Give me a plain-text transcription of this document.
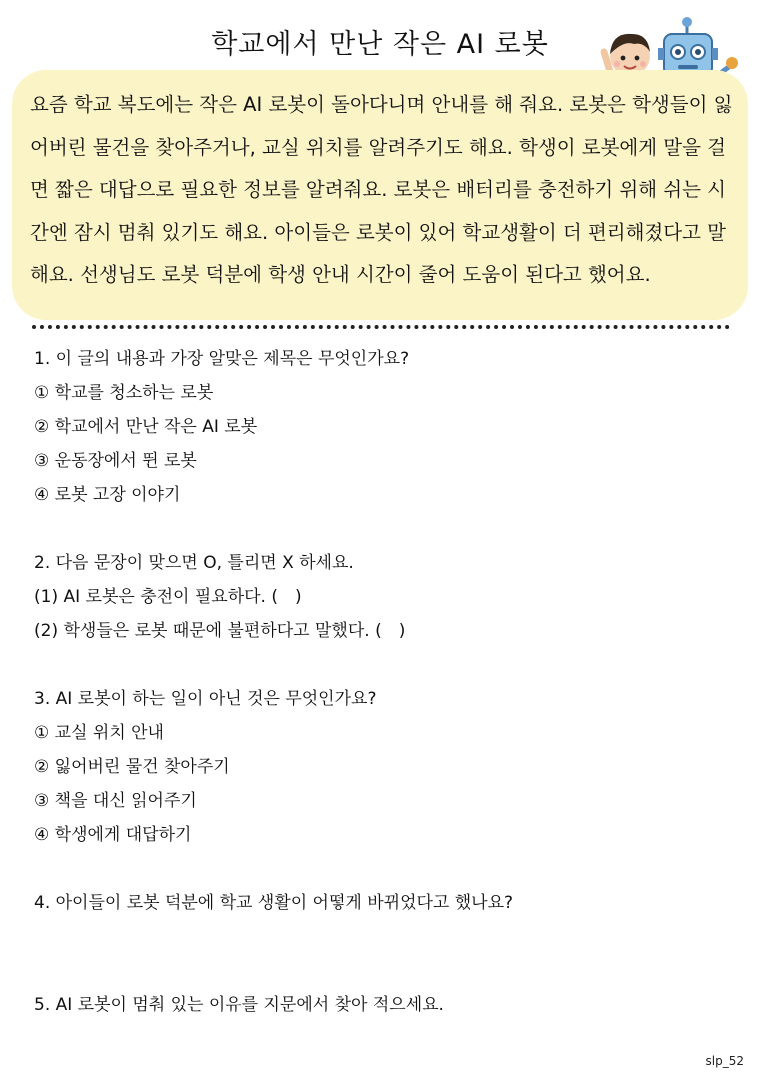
학교에서 만난 작은 AI 로봇
요즘 학교 복도에는 작은 AI 로봇이 돌아다니며 안내를 해 줘요. 로봇은 학생들이 잃어버린 물건을 찾아주거나, 교실 위치를 알려주기도 해요. 학생이 로봇에게 말을 걸면 짧은 대답으로 필요한 정보를 알려줘요. 로봇은 배터리를 충전하기 위해 쉬는 시간엔 잠시 멈춰 있기도 해요. 아이들은 로봇이 있어 학교생활이 더 편리해졌다고 말해요. 선생님도 로봇 덕분에 학생 안내 시간이 줄어 도움이 된다고 했어요.
1. 이 글의 내용과 가장 알맞은 제목은 무엇인가요?
① 학교를 청소하는 로봇
② 학교에서 만난 작은 AI 로봇
③ 운동장에서 뛴 로봇
④ 로봇 고장 이야기
2. 다음 문장이 맞으면 O, 틀리면 X 하세요.
(1) AI 로봇은 충전이 필요하다. (　)
(2) 학생들은 로봇 때문에 불편하다고 말했다. (　)
3. AI 로봇이 하는 일이 아닌 것은 무엇인가요?
① 교실 위치 안내
② 잃어버린 물건 찾아주기
③ 책을 대신 읽어주기
④ 학생에게 대답하기
4. 아이들이 로봇 덕분에 학교 생활이 어떻게 바뀌었다고 했나요?
5. AI 로봇이 멈춰 있는 이유를 지문에서 찾아 적으세요.
slp_52
